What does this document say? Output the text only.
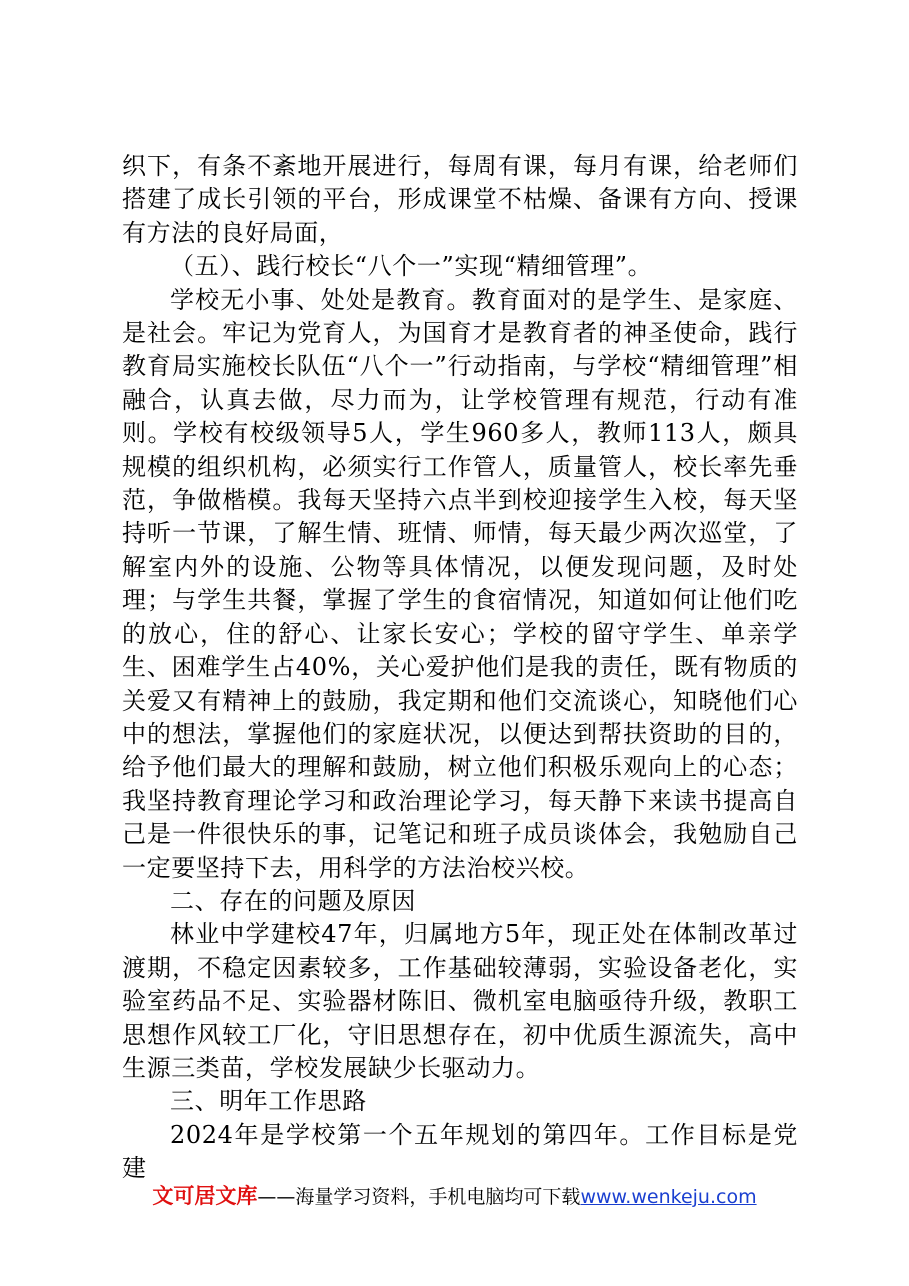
织下，有条不紊地开展进行，每周有课，每月有课，给老师们搭建了成长引领的平台，形成课堂不枯燥、备课有方向、授课有方法的良好局面，

（五）、践行校长“八个一”实现“精细管理”。

学校无小事、处处是教育。教育面对的是学生、是家庭、是社会。牢记为党育人，为国育才是教育者的神圣使命，践行教育局实施校长队伍“八个一”行动指南，与学校“精细管理”相融合，认真去做，尽力而为，让学校管理有规范，行动有准则。学校有校级领导5人，学生960多人，教师113人，颇具规模的组织机构，必须实行工作管人，质量管人，校长率先垂范，争做楷模。我每天坚持六点半到校迎接学生入校，每天坚持听一节课，了解生情、班情、师情，每天最少两次巡堂，了解室内外的设施、公物等具体情况，以便发现问题，及时处理；与学生共餐，掌握了学生的食宿情况，知道如何让他们吃的放心，住的舒心、让家长安心；学校的留守学生、单亲学生、困难学生占40%，关心爱护他们是我的责任，既有物质的关爱又有精神上的鼓励，我定期和他们交流谈心，知晓他们心中的想法，掌握他们的家庭状况，以便达到帮扶资助的目的，给予他们最大的理解和鼓励，树立他们积极乐观向上的心态；我坚持教育理论学习和政治理论学习，每天静下来读书提高自己是一件很快乐的事，记笔记和班子成员谈体会，我勉励自己一定要坚持下去，用科学的方法治校兴校。

二、存在的问题及原因

林业中学建校47年，归属地方5年，现正处在体制改革过渡期，不稳定因素较多，工作基础较薄弱，实验设备老化，实验室药品不足、实验器材陈旧、微机室电脑亟待升级，教职工思想作风较工厂化，守旧思想存在，初中优质生源流失，高中生源三类苗，学校发展缺少长驱动力。

三、明年工作思路

2024年是学校第一个五年规划的第四年。工作目标是党建

文可居文库——海量学习资料，手机电脑均可下载www.wenkeju.com
